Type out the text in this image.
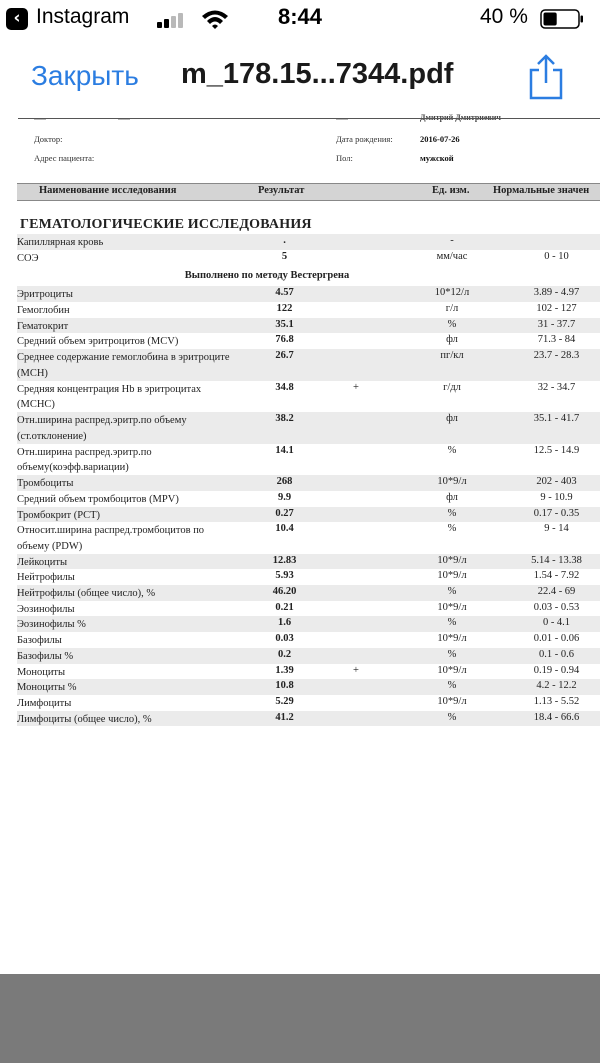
‹ Instagram	8:44	40 %
Закрыть m_178.15...7344.pdf
Доктор:
Адрес пациента:
Дата рождения:	2016-07-26
Пол:	мужской
Наименование исследования	Результат	Ед. изм. Нормальные значен
ГЕМАТОЛОГИЧЕСКИЕ ИССЛЕДОВАНИЯ
Капиллярная кровь	.	-
СОЭ	5	мм/час	0 - 10
Выполнено по методу Вестергрена
Эритроциты	4.57	10*12/л	3.89 - 4.97
Гемоглобин	122	г/л	102 - 127
Гематокрит	35.1	%	31 - 37.7
Средний объем эритроцитов (MCV)	76.8	фл	71.3 - 84
Среднее содержание гемоглобина в эритроците (MCH)
26.7	пг/кл	23.7 - 28.3
Средняя концентрация Hb в эритроцитах (MCHC)
34.8	+	г/дл	32 - 34.7
Отн.ширина распред.эритр.по объему (ст.отклонение)
38.2	фл	35.1 - 41.7
Отн.ширина распред.эритр.по объему(коэфф.вариации)
14.1	%	12.5 - 14.9
Тромбоциты	268	10*9/л	202 - 403
Средний объем тромбоцитов (MPV)	9.9	фл	9 - 10.9
Тромбокрит (PCT)	0.27	%	0.17 - 0.35
Относит.ширина распред.тромбоцитов по объему (PDW)
10.4	%	9 - 14
Лейкоциты	12.83	10*9/л	5.14 - 13.38
Нейтрофилы	5.93	10*9/л	1.54 - 7.92
Нейтрофилы (общее число), %	46.20	%	22.4 - 69
Эозинофилы	0.21	10*9/л	0.03 - 0.53
Эозинофилы %	1.6	%	0 - 4.1
Базофилы	0.03	10*9/л	0.01 - 0.06
Базофилы %	0.2	%	0.1 - 0.6
Моноциты	1.39	+	10*9/л	0.19 - 0.94
Моноциты %	10.8	%	4.2 - 12.2
Лимфоциты	5.29	10*9/л	1.13 - 5.52
Лимфоциты (общее число), %	41.2	%	18.4 - 66.6
